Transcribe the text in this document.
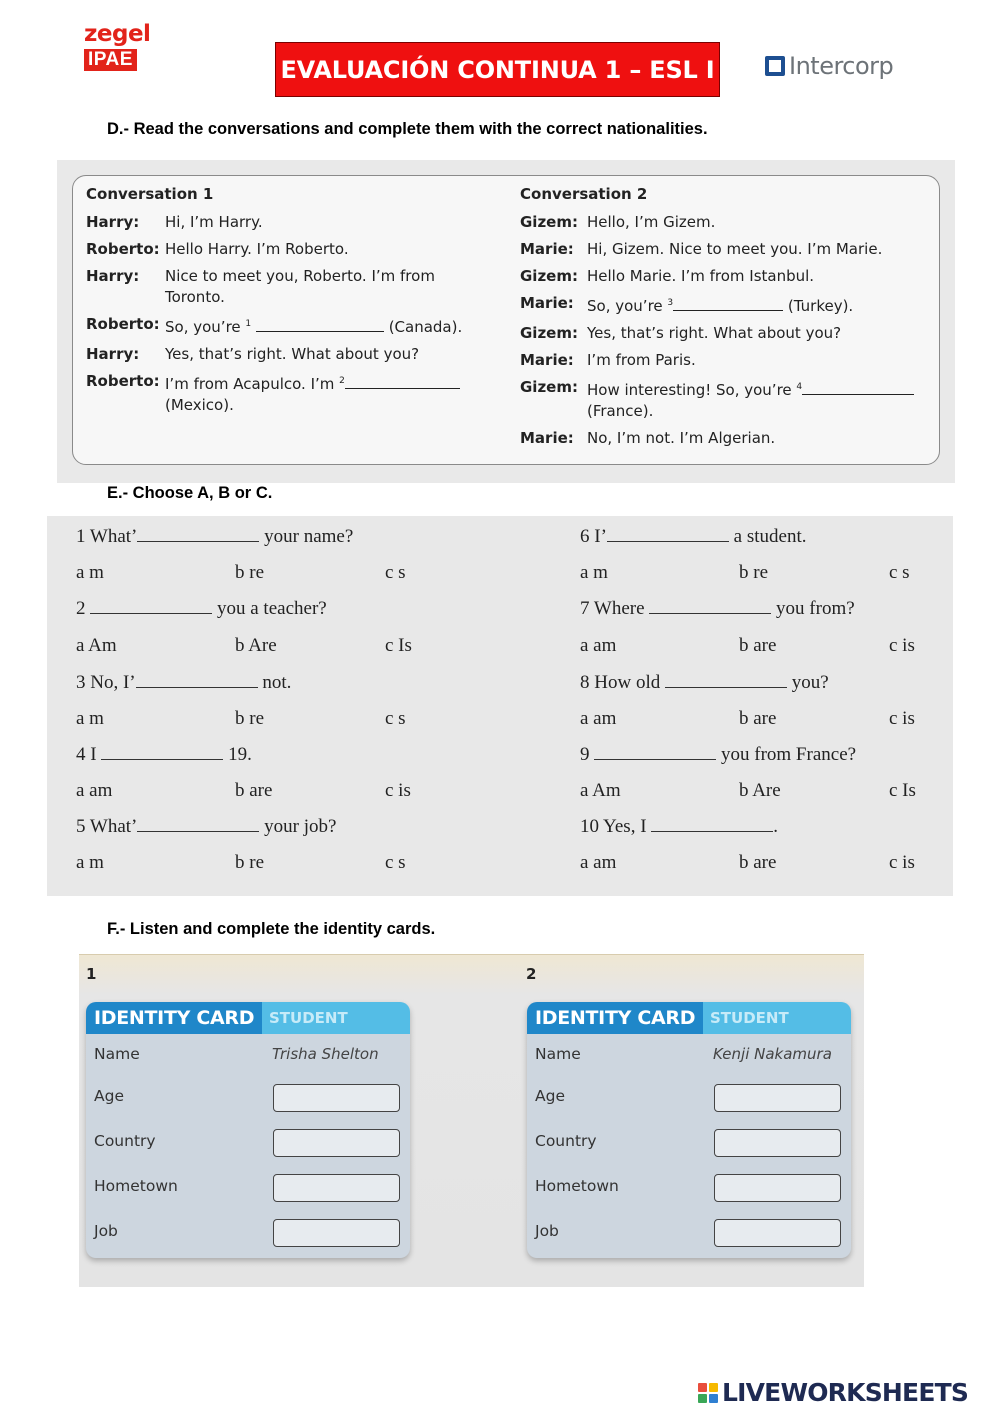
zegel
IPAE	EVALUACIÓN CONTINUA 1 – ESL I	Intercorp
D.- Read the conversations and complete them with the correct nationalities.
Conversation 1
Harry:	Hi, I’m Harry.
Roberto: Hello Harry. I’m Roberto.
Harry:	Nice to meet you, Roberto. I’m from Toronto.
Roberto: So, you’re $^1$	(Canada).
Harry:	Yes, that’s right. What about you?
Roberto: I’m from Acapulco. I’m $^2$ (Mexico).
Conversation 2
Gizem: Hello, I’m Gizem.
Marie: Hi, Gizem. Nice to meet you. I’m Marie.
Gizem: Hello Marie. I’m from Istanbul.
Marie: So, you’re $^3$	(Turkey).
Gizem: Yes, that’s right. What about you?
Marie: I’m from Paris.
Gizem: How interesting! So, you’re $^4$ (France).
Marie: No, I’m not. I’m Algerian.
E.- Choose A, B or C.
1 What’	your name?
a m	b re	c s
2	you a teacher?
a Am	b Are	c Is
3 No, I’	not.
a m	b re	c s
4 I	19.
a am	b are	c is
5 What’	your job?
a m	b re	c s
6 I’	a student.
a m	b re	c s
7 Where	you from?
a am	b are	c is
8 How old	you?
a am	b are	c is
9	you from France?
a Am	b Are	c Is
10 Yes, I	.
a am	b are	c is
F.- Listen and complete the identity cards.
1	2
IDENTITY CARD STUDENT
Name	Trisha Shelton
Age
Country
Hometown
Job
IDENTITY CARD STUDENT
Name	Kenji Nakamura
Age
Country
Hometown
Job
LIVEWORKSHEETS
